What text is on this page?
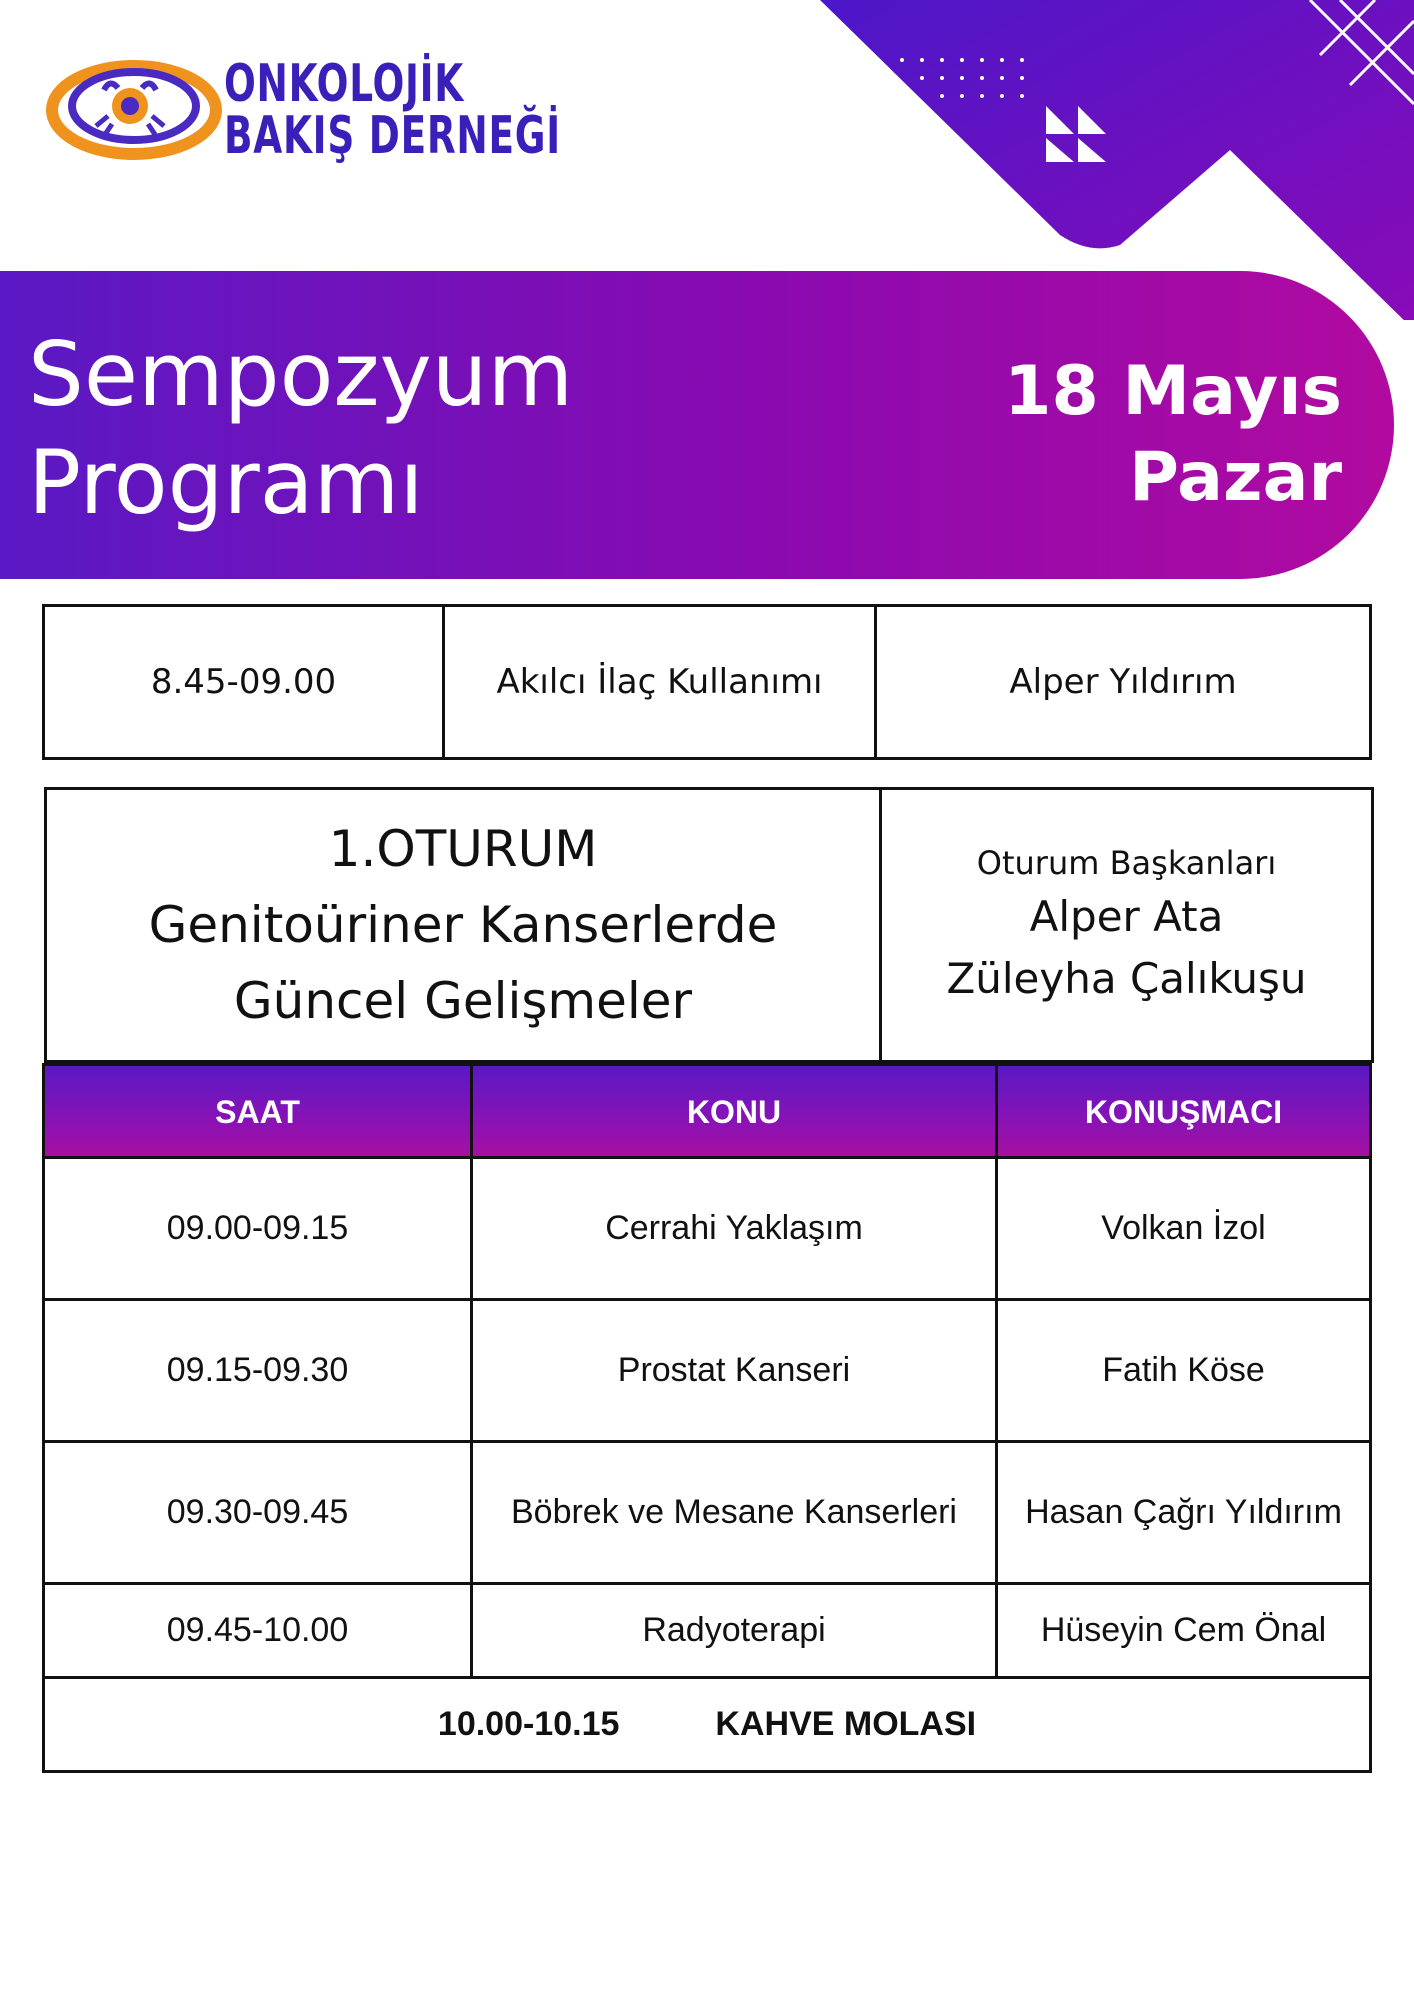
ONKOLOJİK
BAKIŞ DERNEĞİ
Sempozyum
Programı
18 Mayıs
Pazar
8.45-09.00	Akılcı İlaç Kullanımı	Alper Yıldırım
1.OTURUM
Genitoüriner Kanserlerde
Güncel Gelişmeler
Oturum Başkanları
Alper Ata
Züleyha Çalıkuşu
SAAT	KONU	KONUŞMACI
09.00-09.15	Cerrahi Yaklaşım	Volkan İzol
09.15-09.30	Prostat Kanseri	Fatih Köse
09.30-09.45	Böbrek ve Mesane Kanserleri	Hasan Çağrı Yıldırım
09.45-10.00	Radyoterapi	Hüseyin Cem Önal
10.00-10.15	KAHVE MOLASI
